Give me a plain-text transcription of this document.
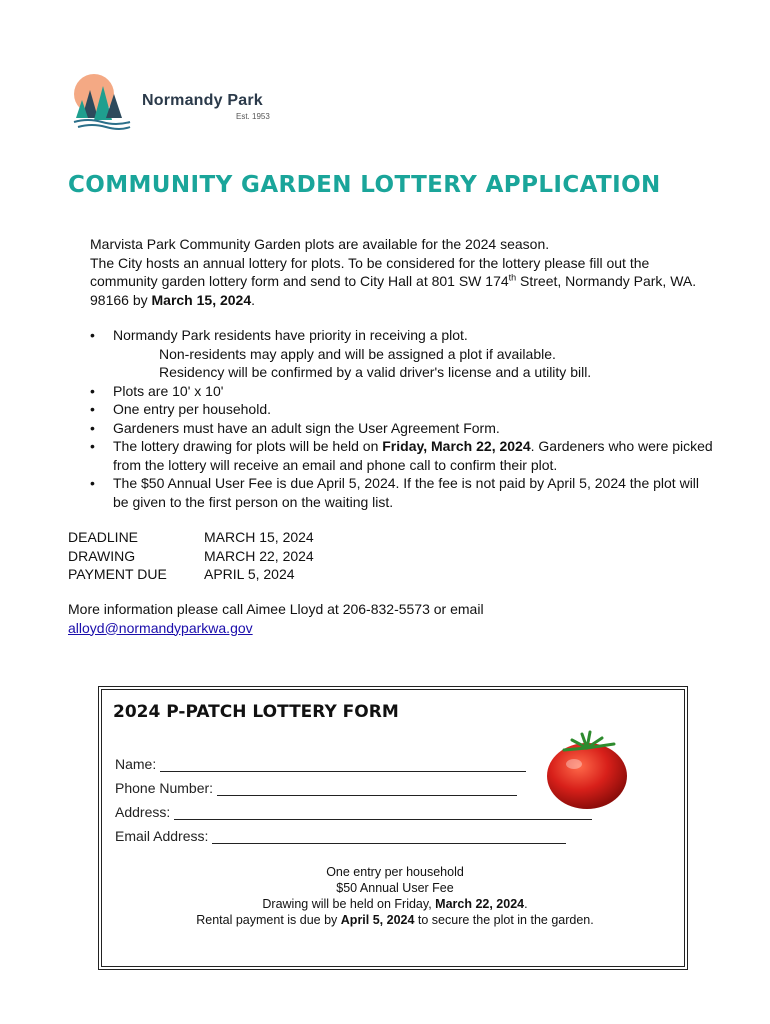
Normandy Park
Est. 1953
COMMUNITY GARDEN LOTTERY APPLICATION
Marvista Park Community Garden plots are available for the 2024 season.
The City hosts an annual lottery for plots. To be considered for the lottery please fill out the community garden lottery form and send to City Hall at 801 SW 174th Street, Normandy Park, WA. 98166 by March 15, 2024.
• Normandy Park residents have priority in receiving a plot.
Non-residents may apply and will be assigned a plot if available.
Residency will be confirmed by a valid driver's license and a utility bill.
• Plots are 10' x 10'
• One entry per household.
• Gardeners must have an adult sign the User Agreement Form.
• The lottery drawing for plots will be held on Friday, March 22, 2024. Gardeners who were picked from the lottery will receive an email and phone call to confirm their plot.
• The $50 Annual User Fee is due April 5, 2024. If the fee is not paid by April 5, 2024 the plot will be given to the first person on the waiting list.
DEADLINE	MARCH 15, 2024
DRAWING	MARCH 22, 2024
PAYMENT DUE	APRIL 5, 2024
More information please call Aimee Lloyd at 206-832-5573 or email
alloyd@normandyparkwa.gov
2024 P-PATCH LOTTERY FORM
Name:
Phone Number:
Address:
Email Address:
One entry per household
$50 Annual User Fee
Drawing will be held on Friday, March 22, 2024.
Rental payment is due by April 5, 2024 to secure the plot in the garden.
